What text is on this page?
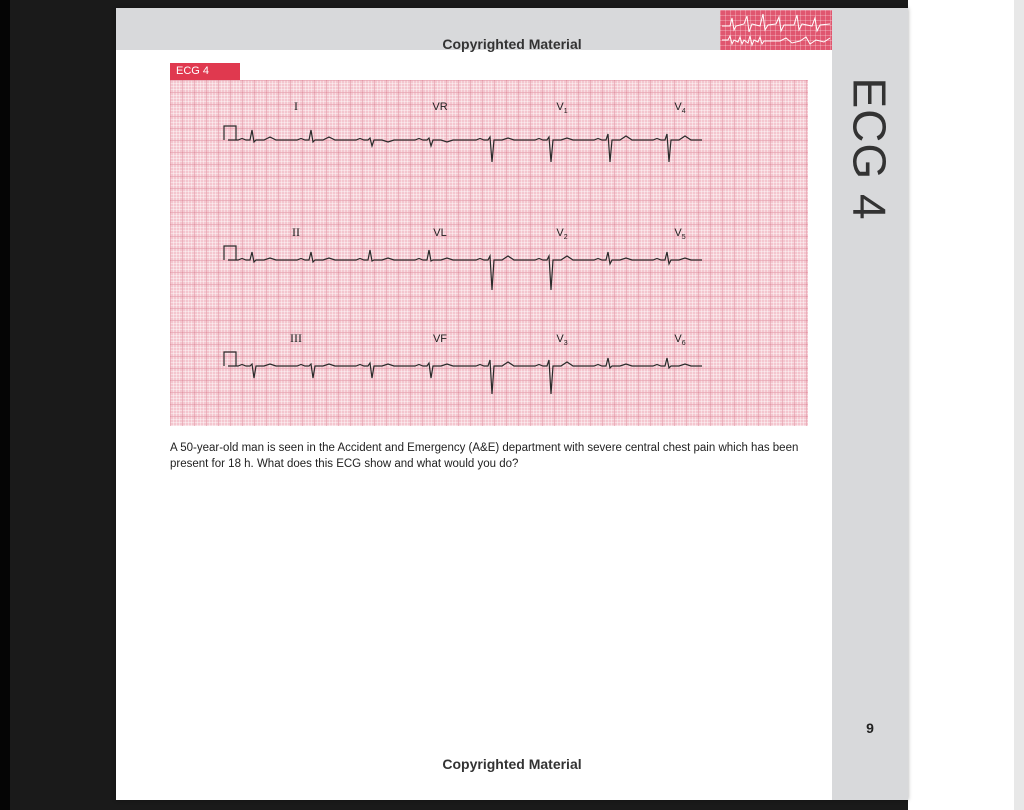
Copyrighted Material
ECG 4
ECG 4
I	VR	$V_1$	$V_4$
II	VL	$V_2$	$V_5$
III	VF	$V_3$	$V_6$
A 50-year-old man is seen in the Accident and Emergency (A&E) department with severe central chest pain which has been present for 18 h. What does this ECG show and what would you do?
9
Copyrighted Material
